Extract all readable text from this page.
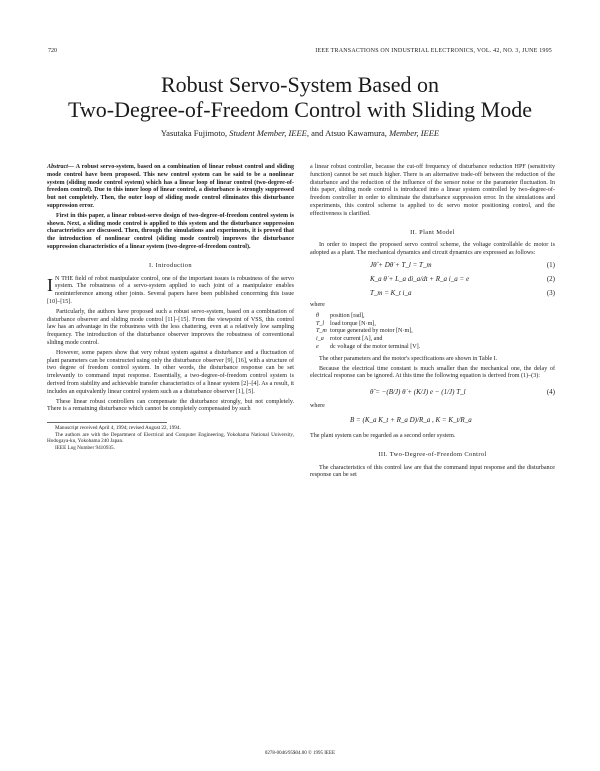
720	IEEE TRANSACTIONS ON INDUSTRIAL ELECTRONICS, VOL. 42, NO. 3, JUNE 1995
Robust Servo-System Based on
Two-Degree-of-Freedom Control with Sliding Mode
Yasutaka Fujimoto, Student Member, IEEE, and Atsuo Kawamura, Member, IEEE

Abstract— A robust servo-system, based on a combination of linear robust control and sliding mode control have been proposed. This new control system can be said to be a nonlinear system (sliding mode control system) which has a linear loop of linear control (two-degree-of-freedom control). Due to this inner loop of linear control, a disturbance is strongly suppressed but not completely. Then, the outer loop of sliding mode control eliminates this disturbance suppression error.

First in this paper, a linear robust-servo design of two-degree-of-freedom control system is shown. Next, a sliding mode control is applied to this system and the disturbance suppression characteristics are discussed. Then, through the simulations and experiments, it is proved that the introduction of nonlinear control (sliding mode control) improves the disturbance suppression characteristics of a linear system (two-degree-of-freedom control).

I. Introduction

I N THE field of robot manipulator control, one of the important issues is robustness of the servo system. The robustness of a servo-system applied to each joint of a manipulator enables noninterference among other joints. Several papers have been published concerning this issue [10]–[15].

Particularly, the authors have proposed such a robust servo-system, based on a combination of disturbance observer and sliding mode control [11]–[15]. From the viewpoint of VSS, this control law has an advantage in the robustness with the less chattering, even at a relatively low sampling frequency. The introduction of the disturbance observer improves the robustness of conventional sliding mode control.

However, some papers show that very robust system against a disturbance and a fluctuation of plant parameters can be constructed using only the disturbance observer [9], [16], with a structure of two degree of freedom control system. In other words, the disturbance response can be set irrelevantly to command input response. Essentially, a two-degree-of-freedom control system is derived from stability and achievable transfer characteristics of a linear system [2]–[4]. As a result, it includes an equivalently linear control system such as a disturbance observer [1], [5].

These linear robust controllers can compensate the disturbance strongly, but not completely. There is a remaining disturbance which cannot be completely compensated by such

Manuscript received April 4, 1994; revised August 22, 1994.
The authors are with the Department of Electrical and Computer Engineering, Yokohama National University, Hodogaya-ku, Yokohama 240 Japan.
IEEE Log Number 9410935.

a linear robust controller, because the cut-off frequency of disturbance reduction HPF (sensitivity function) cannot be set much higher. There is an alternative trade-off between the reduction of the disturbance and the reduction of the influence of the sensor noise or the parameter fluctuation. In this paper, sliding mode control is introduced into a linear system controlled by two-degree-of-freedom controller in order to eliminate the disturbance suppression error. In the simulations and experiments, this control scheme is applied to dc servo motor positioning control, and the effectiveness is clarified.

II. Plant Model

In order to inspect the proposed servo control scheme, the voltage controllable dc motor is adopted as a plant. The mechanical dynamics and circuit dynamics are expressed as follows:

Jθ̈ + Dθ̇ + T_l = T_m	(1)
K_a θ̇ + L_a di_a/dt + R_a i_a = e	(2)
T_m = K_t i_a	(3)

where

θ	position [rad],
T_l load torque [N·m],
T_m torque generated by motor [N·m],
i_a	rotor current [A], and
e	dc voltage of the motor terminal [V].

The other parameters and the motor's specifications are shown in Table I.

Because the electrical time constant is much smaller than the mechanical one, the delay of electrical response can be ignored. At this time the following equation is derived from (1)–(3):

θ̈ = −(B/J) θ̇ + (K/J) e − (1/J) T_l	(4)

where

B = (K_a K_t + R_a D)/R_a , K = K_t/R_a

The plant system can be regarded as a second order system.

III. Two-Degree-of-Freedom Control

The characteristics of this control law are that the command input response and the disturbance response can be set

0278-0046/95$04.00 © 1995 IEEE
